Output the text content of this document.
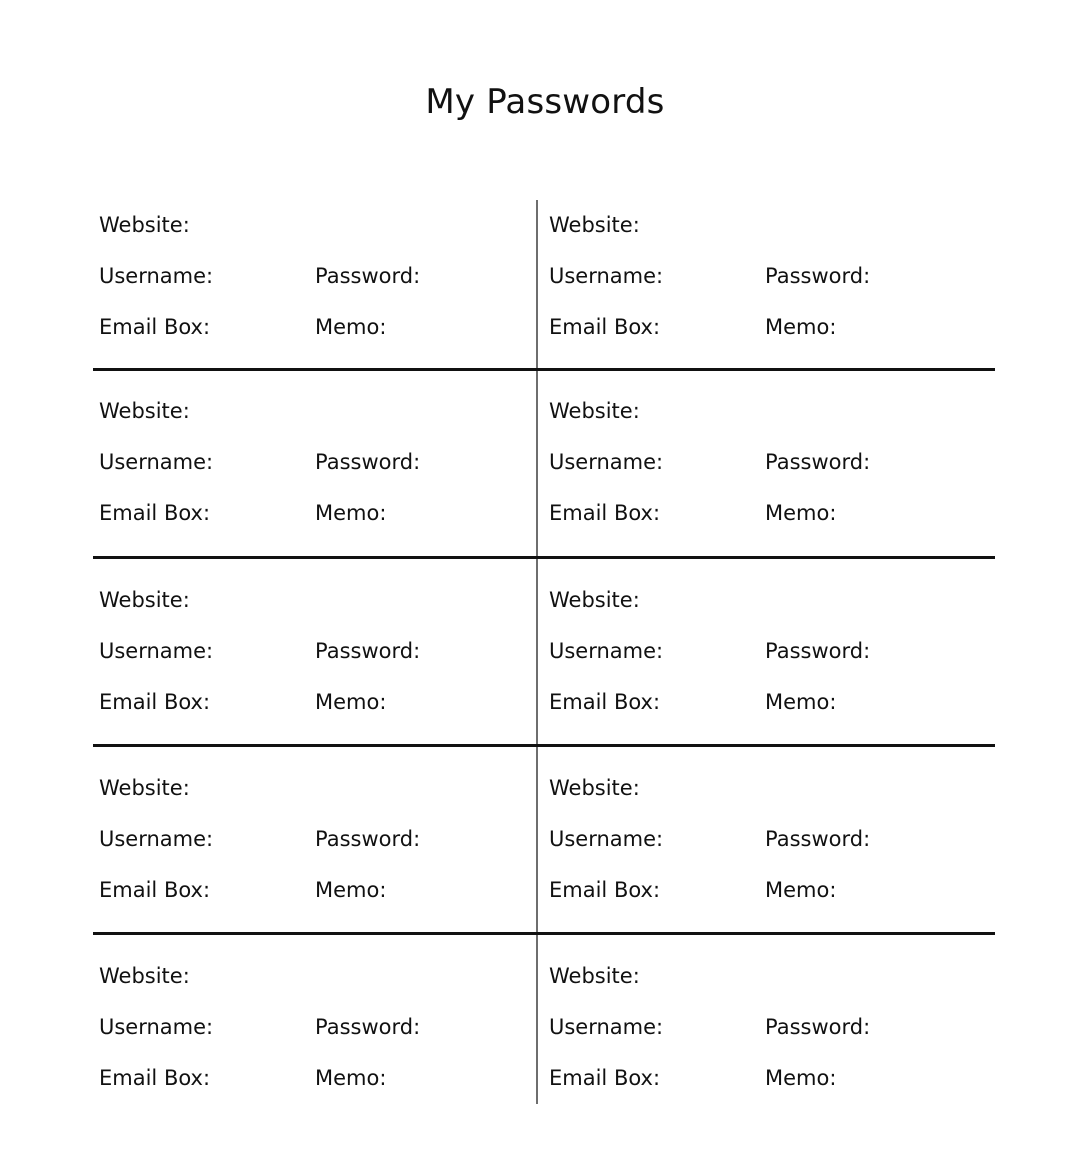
My Passwords
Website:
Username:	Password:
Email Box:	Memo:
Website:
Username:	Password:
Email Box:	Memo:
Website:
Username:	Password:
Email Box:	Memo:
Website:
Username:	Password:
Email Box:	Memo:
Website:
Username:	Password:
Email Box:	Memo:
Website:
Username:	Password:
Email Box:	Memo:
Website:
Username:	Password:
Email Box:	Memo:
Website:
Username:	Password:
Email Box:	Memo:
Website:
Username:	Password:
Email Box:	Memo:
Website:
Username:	Password:
Email Box:	Memo:
